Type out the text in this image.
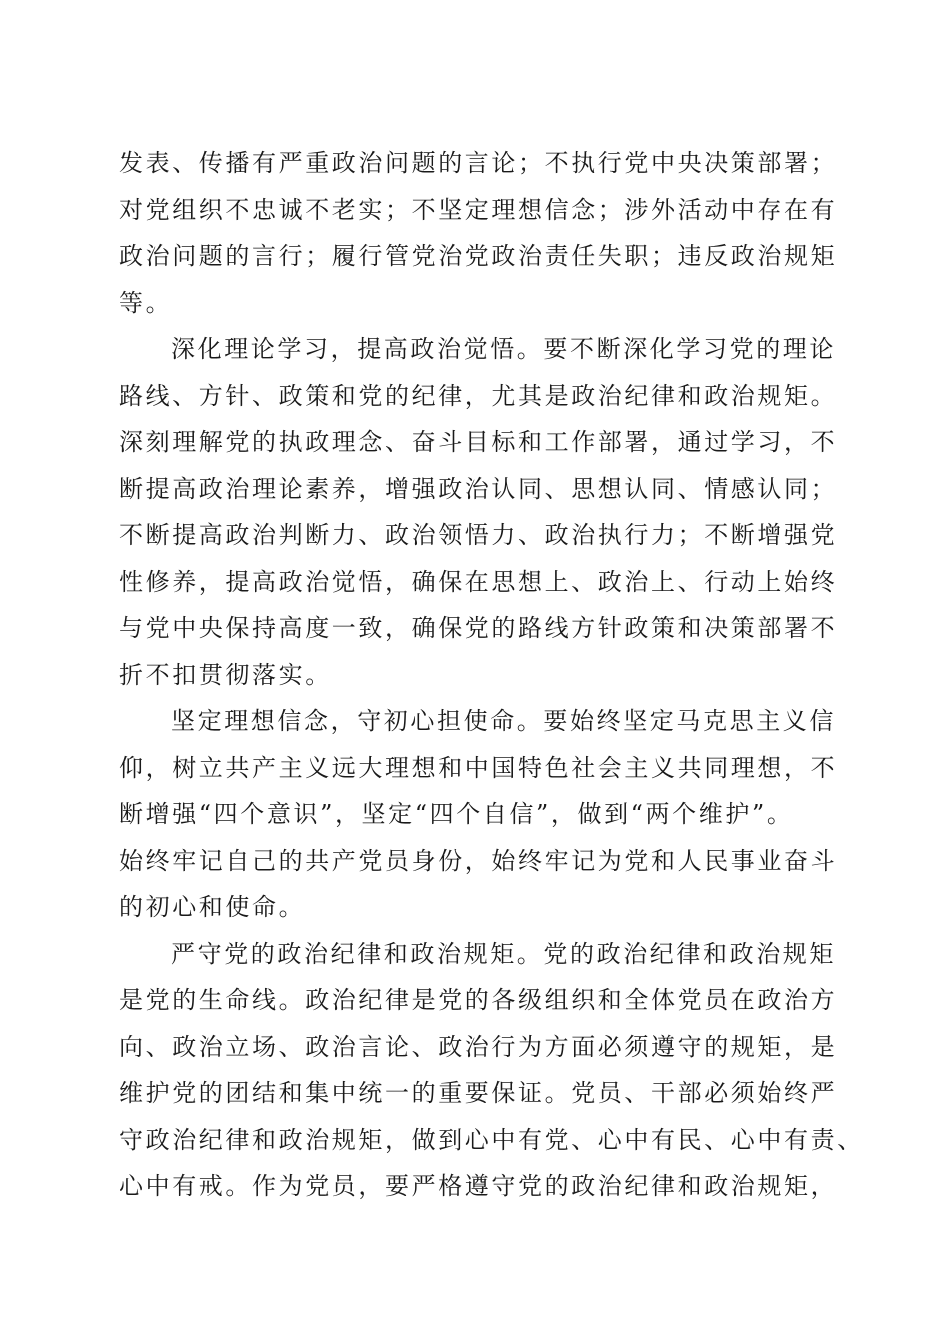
发表、传播有严重政治问题的言论；不执行党中央决策部署；
对党组织不忠诚不老实；不坚定理想信念；涉外活动中存在有
政治问题的言行；履行管党治党政治责任失职；违反政治规矩
等。
深化理论学习，提高政治觉悟。要不断深化学习党的理论
路线、方针、政策和党的纪律，尤其是政治纪律和政治规矩。
深刻理解党的执政理念、奋斗目标和工作部署，通过学习，不
断提高政治理论素养，增强政治认同、思想认同、情感认同；
不断提高政治判断力、政治领悟力、政治执行力；不断增强党
性修养，提高政治觉悟，确保在思想上、政治上、行动上始终
与党中央保持高度一致，确保党的路线方针政策和决策部署不
折不扣贯彻落实。
坚定理想信念，守初心担使命。要始终坚定马克思主义信
仰，树立共产主义远大理想和中国特色社会主义共同理想，不
断增强“四个意识”，坚定“四个自信”，做到“两个维护”。
始终牢记自己的共产党员身份，始终牢记为党和人民事业奋斗
的初心和使命。
严守党的政治纪律和政治规矩。党的政治纪律和政治规矩
是党的生命线。政治纪律是党的各级组织和全体党员在政治方
向、政治立场、政治言论、政治行为方面必须遵守的规矩，是
维护党的团结和集中统一的重要保证。党员、干部必须始终严
守政治纪律和政治规矩，做到心中有党、心中有民、心中有责、
心中有戒。作为党员，要严格遵守党的政治纪律和政治规矩，
